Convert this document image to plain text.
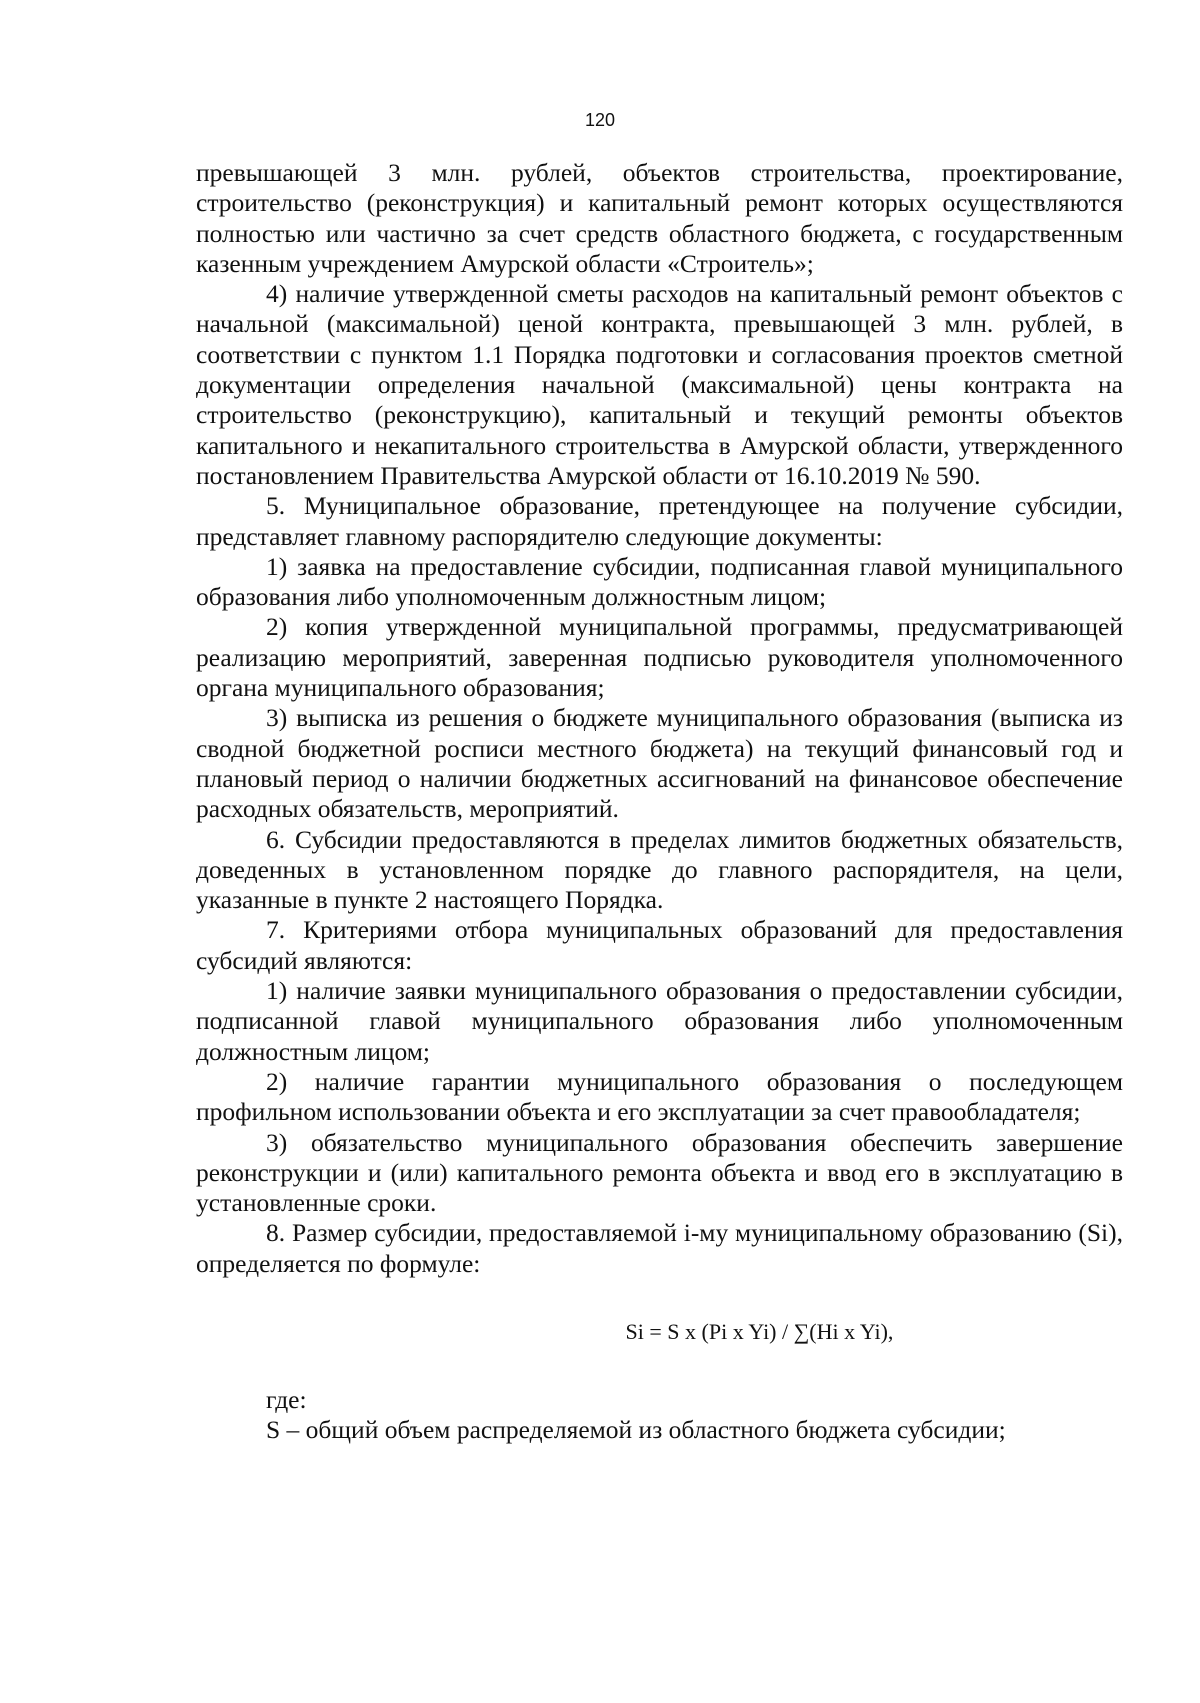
120

превышающей 3 млн. рублей, объектов строительства, проектирование, строительство (реконструкция) и капитальный ремонт которых осуществляются полностью или частично за счет средств областного бюджета, с государственным казенным учреждением Амурской области «Строитель»;

4) наличие утвержденной сметы расходов на капитальный ремонт объектов с начальной (максимальной) ценой контракта, превышающей 3 млн. рублей, в соответствии с пунктом 1.1 Порядка подготовки и согласования проектов сметной документации определения начальной (максимальной) цены контракта на строительство (реконструкцию), капитальный и текущий ремонты объектов капитального и некапитального строительства в Амурской области, утвержденного постановлением Правительства Амурской области от 16.10.2019 № 590.

5. Муниципальное образование, претендующее на получение субсидии, представляет главному распорядителю следующие документы:

1) заявка на предоставление субсидии, подписанная главой муниципального образования либо уполномоченным должностным лицом;

2) копия утвержденной муниципальной программы, предусматривающей реализацию мероприятий, заверенная подписью руководителя уполномоченного органа муниципального образования;

3) выписка из решения о бюджете муниципального образования (выписка из сводной бюджетной росписи местного бюджета) на текущий финансовый год и плановый период о наличии бюджетных ассигнований на финансовое обеспечение расходных обязательств, мероприятий.

6. Субсидии предоставляются в пределах лимитов бюджетных обязательств, доведенных в установленном порядке до главного распорядителя, на цели, указанные в пункте 2 настоящего Порядка.

7. Критериями отбора муниципальных образований для предоставления субсидий являются:

1) наличие заявки муниципального образования о предоставлении субсидии, подписанной главой муниципального образования либо уполномоченным должностным лицом;

2) наличие гарантии муниципального образования о последующем профильном использовании объекта и его эксплуатации за счет правообладателя;

3) обязательство муниципального образования обеспечить завершение реконструкции и (или) капитального ремонта объекта и ввод его в эксплуатацию в установленные сроки.

8. Размер субсидии, предоставляемой i-му муниципальному образованию (Si), определяется по формуле:

Si = S x (Pi x Yi) / ∑(Hi x Yi),

где:

S – общий объем распределяемой из областного бюджета субсидии;
